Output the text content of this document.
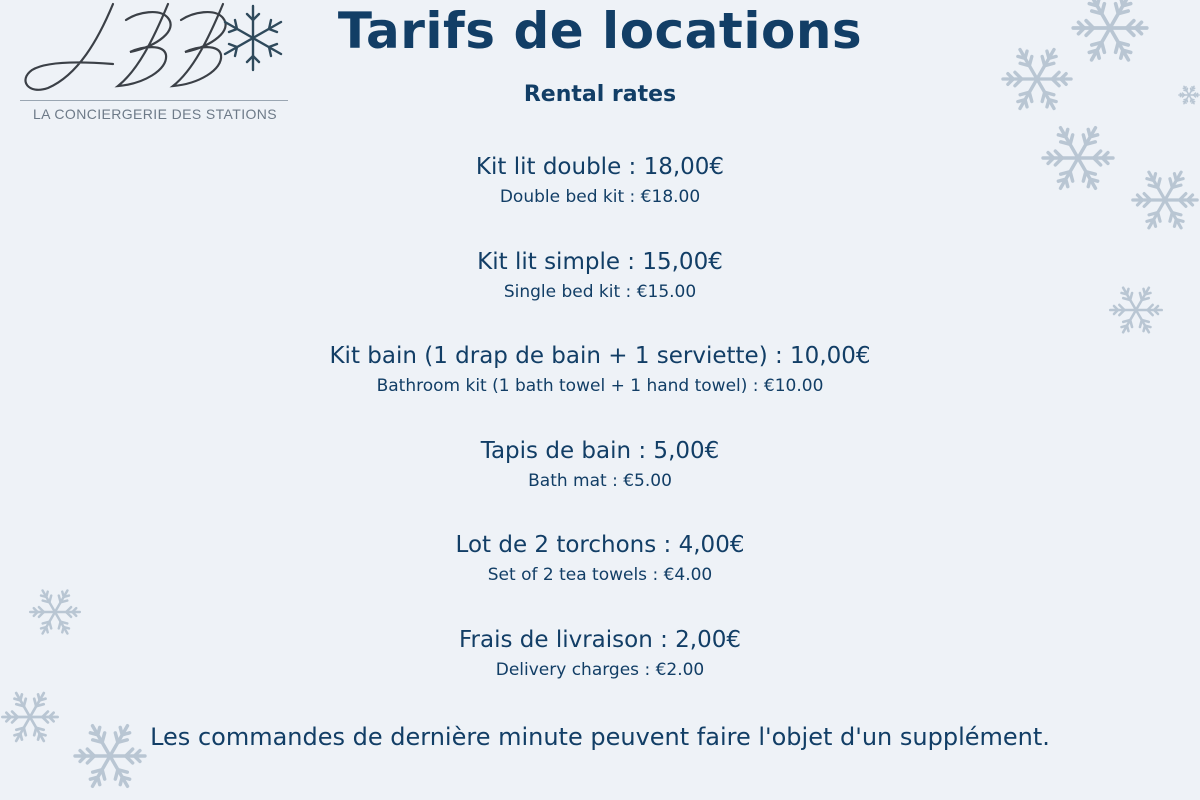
LA CONCIERGERIE DES STATIONS
Tarifs de locations
Rental rates
Kit lit double : 18,00€
Double bed kit : €18.00
Kit lit simple : 15,00€
Single bed kit : €15.00
Kit bain (1 drap de bain + 1 serviette) : 10,00€
Bathroom kit (1 bath towel + 1 hand towel) : €10.00
Tapis de bain : 5,00€
Bath mat : €5.00
Lot de 2 torchons : 4,00€
Set of 2 tea towels : €4.00
Frais de livraison : 2,00€
Delivery charges : €2.00
Les commandes de dernière minute peuvent faire l'objet d'un supplément.
